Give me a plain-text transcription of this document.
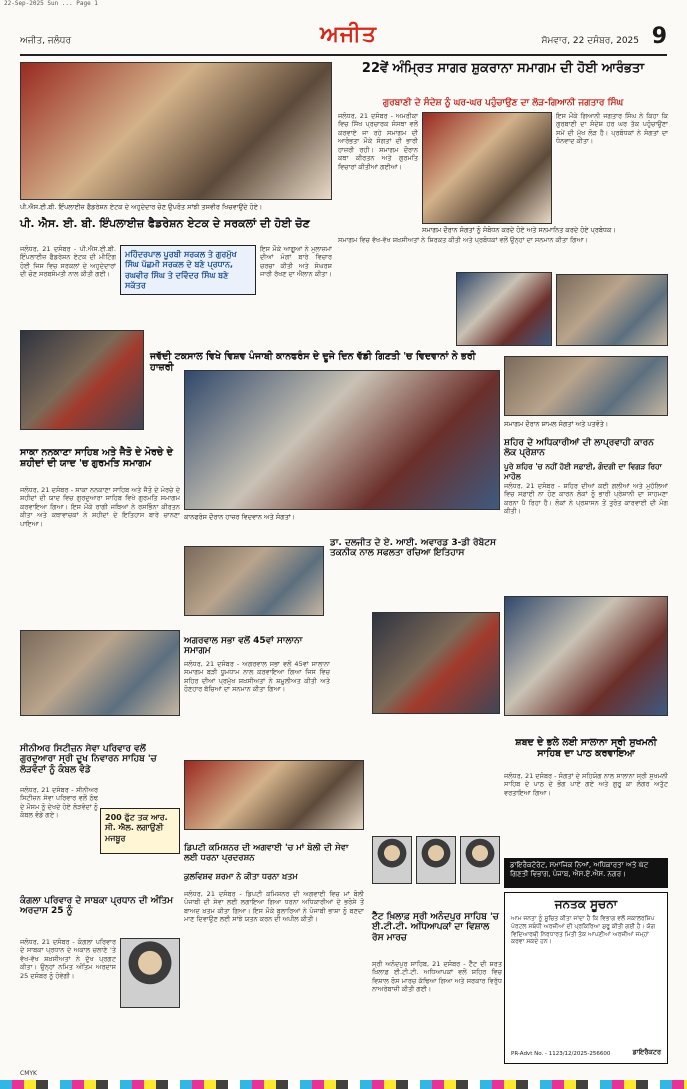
22-Sep-2025 Sun ... Page 1
ਅਜੀਤ, ਜਲੰਧਰ	ਅਜੀਤ	ਸੋਮਵਾਰ, 22 ਦਸੰਬਰ, 2025 9
22ਵੇਂ ਅੰਮ੍ਰਿਤ ਸਾਗਰ ਸ਼ੁਕਰਾਨਾ ਸਮਾਗਮ ਦੀ ਹੋਈ ਆਰੰਭਤਾ
ਗੁਰਬਾਣੀ ਦੇ ਸੰਦੇਸ਼ ਨੂੰ ਘਰ-ਘਰ ਪਹੁੰਚਾਉਣ ਦਾ ਲੋੜ-ਗਿਆਨੀ ਜਗਤਾਰ ਸਿੰਘ
ਜਲੰਧਰ, 21 ਦਸੰਬਰ - ਅਮਰੀਕਾ ਵਿਚ ਸਿੱਖ ਪ੍ਰਚਾਰਕ ਸੰਸਥਾ ਵਲੋਂ ਕਰਵਾਏ ਜਾ ਰਹੇ ਸਮਾਗਮ ਦੀ ਆਰੰਭਤਾ ਮੌਕੇ ਸੰਗਤਾਂ ਦੀ ਭਾਰੀ ਹਾਜ਼ਰੀ ਰਹੀ। ਸਮਾਗਮ ਦੌਰਾਨ ਕਥਾ ਕੀਰਤਨ ਅਤੇ ਗੁਰਮਤਿ ਵਿਚਾਰਾਂ ਕੀਤੀਆਂ ਗਈਆਂ।
ਇਸ ਮੌਕੇ ਗਿਆਨੀ ਜਗਤਾਰ ਸਿੰਘ ਨੇ ਕਿਹਾ ਕਿ ਗੁਰਬਾਣੀ ਦਾ ਸੰਦੇਸ਼ ਹਰ ਘਰ ਤੱਕ ਪਹੁੰਚਾਉਣਾ ਸਮੇਂ ਦੀ ਮੁੱਖ ਲੋੜ ਹੈ। ਪ੍ਰਬੰਧਕਾਂ ਨੇ ਸੰਗਤਾਂ ਦਾ ਧੰਨਵਾਦ ਕੀਤਾ।
ਸਮਾਗਮ ਦੌਰਾਨ ਸੰਗਤਾਂ ਨੂੰ ਸੰਬੋਧਨ ਕਰਦੇ ਹੋਏ ਅਤੇ ਸਨਮਾਨਿਤ ਕਰਦੇ ਹੋਏ ਪ੍ਰਬੰਧਕ।
ਸਮਾਗਮ ਵਿਚ ਵੱਖ-ਵੱਖ ਸ਼ਖ਼ਸੀਅਤਾਂ ਨੇ ਸ਼ਿਰਕਤ ਕੀਤੀ ਅਤੇ ਪ੍ਰਬੰਧਕਾਂ ਵਲੋਂ ਉਨ੍ਹਾਂ ਦਾ ਸਨਮਾਨ ਕੀਤਾ ਗਿਆ।
ਪੀ.ਐਸ.ਈ.ਬੀ. ਇੰਪਲਾਈਜ਼ ਫੈਡਰੇਸ਼ਨ ਏਟਕ ਦੇ ਅਹੁਦੇਦਾਰ ਚੋਣ ਉਪਰੰਤ ਸਾਂਝੀ ਤਸਵੀਰ ਖਿਚਵਾਉਂਦੇ ਹੋਏ।
ਪੀ. ਐਸ. ਈ. ਬੀ. ਇੰਪਲਾਈਜ਼ ਫੈਡਰੇਸ਼ਨ ਏਟਕ ਦੇ ਸਰਕਲਾਂ ਦੀ ਹੋਈ ਚੋਣ
ਜਲੰਧਰ, 21 ਦਸੰਬਰ - ਪੀ.ਐਸ.ਈ.ਬੀ. ਇੰਪਲਾਈਜ਼ ਫੈਡਰੇਸ਼ਨ ਏਟਕ ਦੀ ਮੀਟਿੰਗ ਹੋਈ ਜਿਸ ਵਿਚ ਸਰਕਲਾਂ ਦੇ ਅਹੁਦੇਦਾਰਾਂ ਦੀ ਚੋਣ ਸਰਬਸੰਮਤੀ ਨਾਲ ਕੀਤੀ ਗਈ।
ਮਹਿੰਦਰਪਾਲ ਪੂਰਬੀ ਸਰਕਲ ਤੇ ਗੁਰਮੁੱਖ ਸਿੰਘ ਪੱਛਮੀ ਸਰਕਲ ਦੇ ਬਣੇ ਪ੍ਰਧਾਨ, ਰਘਵੀਰ ਸਿੰਘ ਤੇ ਦਵਿੰਦਰ ਸਿੰਘ ਬਣੇ ਸਕੱਤਰ
ਇਸ ਮੌਕੇ ਆਗੂਆਂ ਨੇ ਮੁਲਾਜ਼ਮਾਂ ਦੀਆਂ ਮੰਗਾਂ ਬਾਰੇ ਵਿਚਾਰ ਚਰਚਾ ਕੀਤੀ ਅਤੇ ਸੰਘਰਸ਼ ਜਾਰੀ ਰੱਖਣ ਦਾ ਐਲਾਨ ਕੀਤਾ।
ਜਵੱਦੀ ਟਕਸਾਲ ਵਿਖੇ ਵਿਸ਼ਵ ਪੰਜਾਬੀ ਕਾਨਫਰੰਸ ਦੇ ਦੂਜੇ ਦਿਨ ਵੱਡੀ ਗਿਣਤੀ 'ਚ ਵਿਦਵਾਨਾਂ ਨੇ ਭਰੀ ਹਾਜ਼ਰੀ
ਸਾਕਾ ਨਨਕਾਣਾ ਸਾਹਿਬ ਅਤੇ ਜੈਤੋ ਦੇ ਮੋਰਚੇ ਦੇ ਸ਼ਹੀਦਾਂ ਦੀ ਯਾਦ 'ਚ ਗੁਰਮਤਿ ਸਮਾਗਮ
ਜਲੰਧਰ, 21 ਦਸੰਬਰ - ਸਾਕਾ ਨਨਕਾਣਾ ਸਾਹਿਬ ਅਤੇ ਜੈਤੋ ਦੇ ਮੋਰਚੇ ਦੇ ਸ਼ਹੀਦਾਂ ਦੀ ਯਾਦ ਵਿਚ ਗੁਰਦੁਆਰਾ ਸਾਹਿਬ ਵਿਖੇ ਗੁਰਮਤਿ ਸਮਾਗਮ ਕਰਵਾਇਆ ਗਿਆ। ਇਸ ਮੌਕੇ ਰਾਗੀ ਜਥਿਆਂ ਨੇ ਰਸਭਿੰਨਾ ਕੀਰਤਨ ਕੀਤਾ ਅਤੇ ਕਥਾਵਾਚਕਾਂ ਨੇ ਸ਼ਹੀਦਾਂ ਦੇ ਇਤਿਹਾਸ ਬਾਰੇ ਚਾਨਣਾ ਪਾਇਆ।
ਸੀਨੀਅਰ ਸਿਟੀਜ਼ਨ ਸੇਵਾ ਪਰਿਵਾਰ ਵਲੋਂ ਗੁਰਦੁਆਰਾ ਸ੍ਰੀ ਦੂਖ ਨਿਵਾਰਨ ਸਾਹਿਬ 'ਚ ਲੋੜਵੰਦਾਂ ਨੂੰ ਕੰਬਲ ਵੰਡੇ
ਜਲੰਧਰ, 21 ਦਸੰਬਰ - ਸੀਨੀਅਰ ਸਿਟੀਜ਼ਨ ਸੇਵਾ ਪਰਿਵਾਰ ਵਲੋਂ ਠੰਢ ਦੇ ਮੌਸਮ ਨੂੰ ਦੇਖਦੇ ਹੋਏ ਲੋੜਵੰਦਾਂ ਨੂੰ ਕੰਬਲ ਵੰਡੇ ਗਏ।	200 ਫੁੱਟ ਤਕ ਆਰ. ਸੀ. ਐਲ. ਲਗਾਉਣੀ ਮਜਬੂਰ
ਕੰਗਲਾ ਪਰਿਵਾਰ ਦੇ ਸਾਬਕਾ ਪ੍ਰਧਾਨ ਦੀ ਅੰਤਿਮ ਅਰਦਾਸ 25 ਨੂੰ
ਜਲੰਧਰ, 21 ਦਸੰਬਰ - ਕੰਗਲਾ ਪਰਿਵਾਰ ਦੇ ਸਾਬਕਾ ਪ੍ਰਧਾਨ ਦੇ ਅਕਾਲ ਚਲਾਣੇ 'ਤੇ ਵੱਖ-ਵੱਖ ਸ਼ਖ਼ਸੀਅਤਾਂ ਨੇ ਦੁੱਖ ਪ੍ਰਗਟ ਕੀਤਾ। ਉਨ੍ਹਾਂ ਨਮਿਤ ਅੰਤਿਮ ਅਰਦਾਸ 25 ਦਸੰਬਰ ਨੂੰ ਹੋਵੇਗੀ।
ਕਾਨਫਰੰਸ ਦੌਰਾਨ ਹਾਜ਼ਰ ਵਿਦਵਾਨ ਅਤੇ ਸੰਗਤਾਂ।
ਡਾ. ਦਲਜੀਤ ਦੇ ਏ. ਆਈ. ਅਵਾਰਡ 3-ਡੀ ਰੋਬੋਟਸ ਤਕਨੀਕ ਨਾਲ ਸਫਲਤਾ ਰਚਿਆ ਇਤਿਹਾਸ
ਅਗਰਵਾਲ ਸਭਾ ਵਲੋਂ 45ਵਾਂ ਸਾਲਾਨਾ ਸਮਾਗਮ
ਜਲੰਧਰ, 21 ਦਸੰਬਰ - ਅਗਰਵਾਲ ਸਭਾ ਵਲੋਂ 45ਵਾਂ ਸਾਲਾਨਾ ਸਮਾਗਮ ਬੜੀ ਧੂਮਧਾਮ ਨਾਲ ਕਰਵਾਇਆ ਗਿਆ ਜਿਸ ਵਿਚ ਸ਼ਹਿਰ ਦੀਆਂ ਪ੍ਰਮੁੱਖ ਸ਼ਖ਼ਸੀਅਤਾਂ ਨੇ ਸ਼ਮੂਲੀਅਤ ਕੀਤੀ ਅਤੇ ਹੋਣਹਾਰ ਬੱਚਿਆਂ ਦਾ ਸਨਮਾਨ ਕੀਤਾ ਗਿਆ।
ਡਿਪਟੀ ਕਮਿਸ਼ਨਰ ਦੀ ਅਗਵਾਈ 'ਚ ਮਾਂ ਬੋਲੀ ਦੀ ਸੇਵਾ ਲਈ ਧਰਨਾ ਪ੍ਰਦਰਸ਼ਨ
ਕੁਲਵਿਸ਼ਵ ਸ਼ਰਮਾ ਨੇ ਕੀਤਾ ਧਰਨਾ ਖ਼ਤਮ
ਜਲੰਧਰ, 21 ਦਸੰਬਰ - ਡਿਪਟੀ ਕਮਿਸ਼ਨਰ ਦੀ ਅਗਵਾਈ ਵਿਚ ਮਾਂ ਬੋਲੀ ਪੰਜਾਬੀ ਦੀ ਸੇਵਾ ਲਈ ਲਗਾਇਆ ਗਿਆ ਧਰਨਾ ਅਧਿਕਾਰੀਆਂ ਦੇ ਭਰੋਸੇ ਤੋਂ ਬਾਅਦ ਖ਼ਤਮ ਕੀਤਾ ਗਿਆ। ਇਸ ਮੌਕੇ ਬੁਲਾਰਿਆਂ ਨੇ ਪੰਜਾਬੀ ਭਾਸ਼ਾ ਨੂੰ ਬਣਦਾ ਮਾਣ ਦਿਵਾਉਣ ਲਈ ਸਾਂਝੇ ਯਤਨ ਕਰਨ ਦੀ ਅਪੀਲ ਕੀਤੀ।	ਟੈੱਟ ਖ਼ਿਲਾਫ਼ ਸ੍ਰੀ ਅਨੰਦਪੁਰ ਸਾਹਿਬ 'ਚ ਈ.ਟੀ.ਟੀ. ਅਧਿਆਪਕਾਂ ਦਾ ਵਿਸ਼ਾਲ ਰੋਸ ਮਾਰਚ
ਸ੍ਰੀ ਅਨੰਦਪੁਰ ਸਾਹਿਬ, 21 ਦਸੰਬਰ - ਟੈੱਟ ਦੀ ਸ਼ਰਤ ਖ਼ਿਲਾਫ਼ ਈ.ਟੀ.ਟੀ. ਅਧਿਆਪਕਾਂ ਵਲੋਂ ਸ਼ਹਿਰ ਵਿਚ ਵਿਸ਼ਾਲ ਰੋਸ ਮਾਰਚ ਕੱਢਿਆ ਗਿਆ ਅਤੇ ਸਰਕਾਰ ਵਿਰੁੱਧ ਨਾਅਰੇਬਾਜ਼ੀ ਕੀਤੀ ਗਈ।
ਸਮਾਗਮ ਦੌਰਾਨ ਸ਼ਾਮਲ ਸੰਗਤਾਂ ਅਤੇ ਪਤਵੰਤੇ।
ਸ਼ਹਿਰ ਦੇ ਅਧਿਕਾਰੀਆਂ ਦੀ ਲਾਪ੍ਰਵਾਹੀ ਕਾਰਨ ਲੋਕ ਪ੍ਰੇਸ਼ਾਨ
ਪੂਰੇ ਸ਼ਹਿਰ 'ਚ ਨਹੀਂ ਹੋਈ ਸਫ਼ਾਈ, ਗੰਦਗੀ ਦਾ ਵਿਗੜ ਰਿਹਾ ਮਾਹੌਲ
ਜਲੰਧਰ, 21 ਦਸੰਬਰ - ਸ਼ਹਿਰ ਦੀਆਂ ਕਈ ਗਲੀਆਂ ਅਤੇ ਮੁਹੱਲਿਆਂ ਵਿਚ ਸਫ਼ਾਈ ਨਾ ਹੋਣ ਕਾਰਨ ਲੋਕਾਂ ਨੂੰ ਭਾਰੀ ਪ੍ਰੇਸ਼ਾਨੀ ਦਾ ਸਾਹਮਣਾ ਕਰਨਾ ਪੈ ਰਿਹਾ ਹੈ। ਲੋਕਾਂ ਨੇ ਪ੍ਰਸ਼ਾਸਨ ਤੋਂ ਤੁਰੰਤ ਕਾਰਵਾਈ ਦੀ ਮੰਗ ਕੀਤੀ।
ਸ਼ਬਦ ਦੇ ਭਲੇ ਲਈ ਸਾਲਾਨਾ ਸ੍ਰੀ ਸੁਖਮਨੀ ਸਾਹਿਬ ਦਾ ਪਾਠ ਕਰਵਾਇਆ
ਜਲੰਧਰ, 21 ਦਸੰਬਰ - ਸੰਗਤਾਂ ਦੇ ਸਹਿਯੋਗ ਨਾਲ ਸਾਲਾਨਾ ਸ੍ਰੀ ਸੁਖਮਨੀ ਸਾਹਿਬ ਦੇ ਪਾਠ ਦੇ ਭੋਗ ਪਾਏ ਗਏ ਅਤੇ ਗੁਰੂ ਕਾ ਲੰਗਰ ਅਤੁੱਟ ਵਰਤਾਇਆ ਗਿਆ।
ਡਾਇਰੈਕਟੋਰੇਟ, ਸਮਾਜਿਕ ਨਿਆਂ, ਅਧਿਕਾਰਤਾ ਅਤੇ ਘੱਟ ਗਿਣਤੀ ਵਿਭਾਗ, ਪੰਜਾਬ, ਐਸ.ਏ.ਐਸ. ਨਗਰ।
ਜਨਤਕ ਸੂਚਨਾ
ਆਮ ਜਨਤਾ ਨੂੰ ਸੂਚਿਤ ਕੀਤਾ ਜਾਂਦਾ ਹੈ ਕਿ ਵਿਭਾਗ ਵਲੋਂ ਸਕਾਲਰਸ਼ਿਪ ਪੋਰਟਲ ਸਬੰਧੀ ਅਰਜ਼ੀਆਂ ਦੀ ਪ੍ਰਕਿਰਿਆ ਸ਼ੁਰੂ ਕੀਤੀ ਗਈ ਹੈ। ਯੋਗ ਵਿਦਿਆਰਥੀ ਨਿਰਧਾਰਤ ਮਿਤੀ ਤੱਕ ਆਪਣੀਆਂ ਅਰਜ਼ੀਆਂ ਜਮ੍ਹਾਂ ਕਰਵਾ ਸਕਦੇ ਹਨ।
PR-Advt No. - 1123/12/2025-256600	ਡਾਇਰੈਕਟਰ
CMYK
